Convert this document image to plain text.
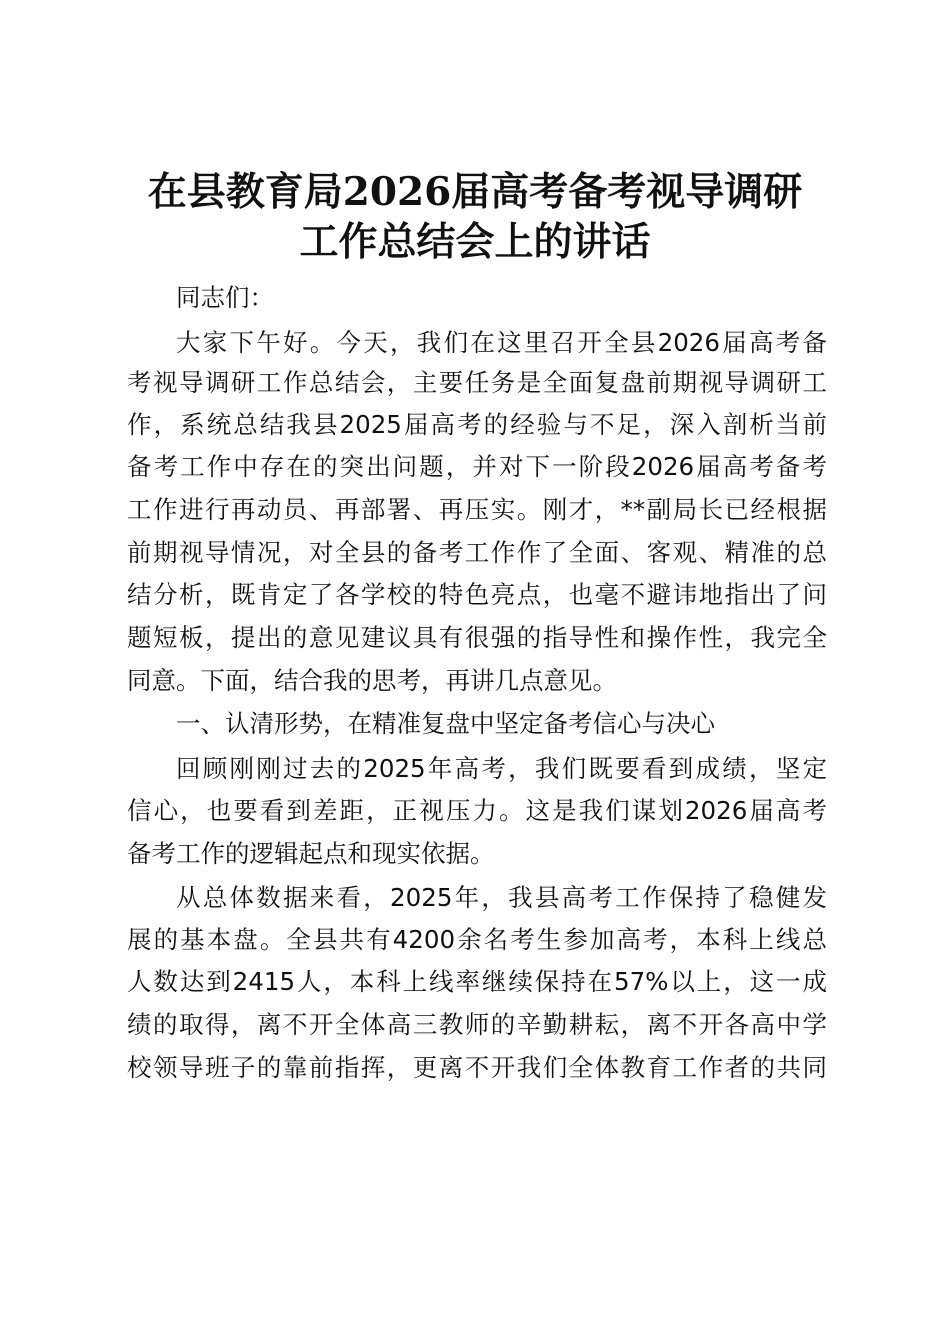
在县教育局2026届高考备考视导调研
工作总结会上的讲话
同志们：
大家下午好。今天，我们在这里召开全县2026届高考备
考视导调研工作总结会，主要任务是全面复盘前期视导调研工
作，系统总结我县2025届高考的经验与不足，深入剖析当前
备考工作中存在的突出问题，并对下一阶段2026届高考备考
工作进行再动员、再部署、再压实。刚才，**副局长已经根据
前期视导情况，对全县的备考工作作了全面、客观、精准的总
结分析，既肯定了各学校的特色亮点，也毫不避讳地指出了问
题短板，提出的意见建议具有很强的指导性和操作性，我完全
同意。下面，结合我的思考，再讲几点意见。
一、认清形势，在精准复盘中坚定备考信心与决心
回顾刚刚过去的2025年高考，我们既要看到成绩，坚定
信心，也要看到差距，正视压力。这是我们谋划2026届高考
备考工作的逻辑起点和现实依据。
从总体数据来看，2025年，我县高考工作保持了稳健发
展的基本盘。全县共有4200余名考生参加高考，本科上线总
人数达到2415人，本科上线率继续保持在57%以上，这一成
绩的取得，离不开全体高三教师的辛勤耕耘，离不开各高中学
校领导班子的靠前指挥，更离不开我们全体教育工作者的共同
